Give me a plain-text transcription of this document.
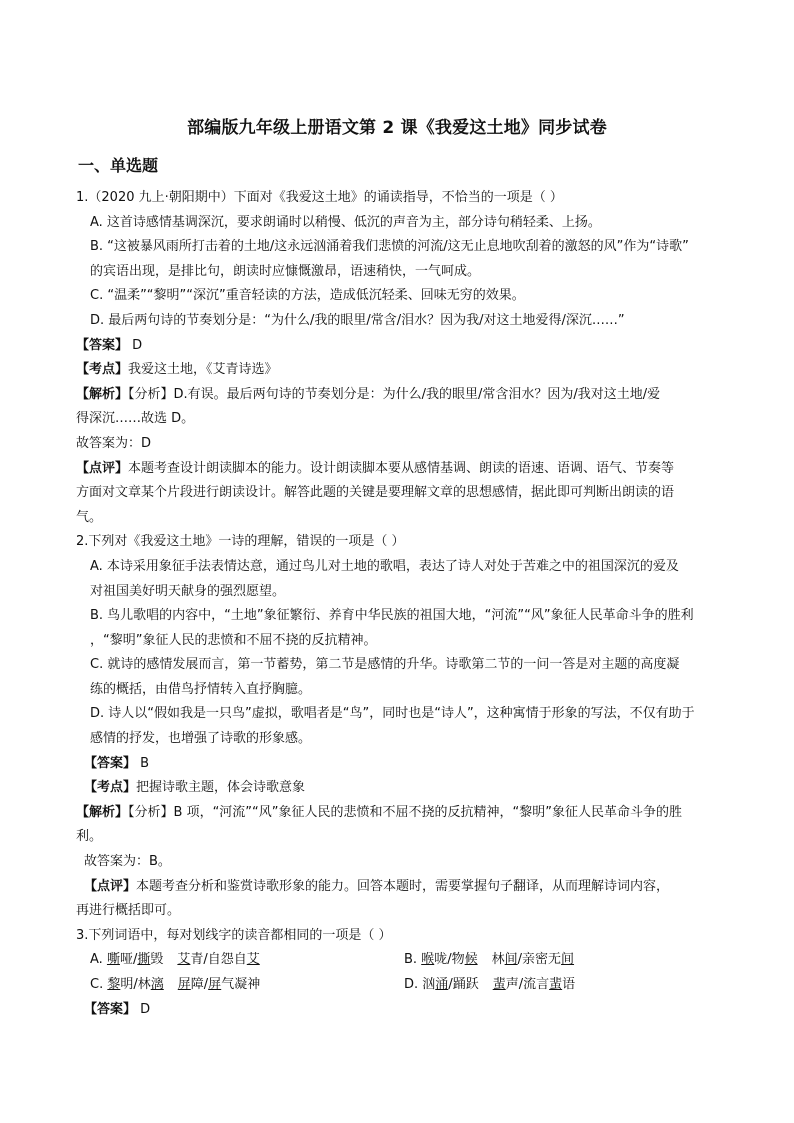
部编版九年级上册语文第 2 课《我爱这土地》同步试卷
一、单选题
1.（2020 九上·朝阳期中）下面对《我爱这土地》的诵读指导，不恰当的一项是（ ）
A. 这首诗感情基调深沉，要求朗诵时以稍慢、低沉的声音为主，部分诗句稍轻柔、上扬。
B. “这被暴风雨所打击着的土地/这永远汹涌着我们悲愤的河流/这无止息地吹刮着的激怒的风”作为“诗歌”
的宾语出现，是排比句，朗读时应慷慨激昂，语速稍快，一气呵成。
C. “温柔”“黎明”“深沉”重音轻读的方法，造成低沉轻柔、回味无穷的效果。
D. 最后两句诗的节奏划分是：“为什么/我的眼里/常含/泪水？因为我/对这土地爱得/深沉……”
【答案】 D
【考点】我爱这土地，《艾青诗选》
【解析】【分析】D.有误。最后两句诗的节奏划分是：为什么/我的眼里/常含泪水？因为/我对这土地/爱
得深沉……故选 D。
故答案为：D
【点评】本题考查设计朗读脚本的能力。设计朗读脚本要从感情基调、朗读的语速、语调、语气、节奏等
方面对文章某个片段进行朗读设计。解答此题的关键是要理解文章的思想感情，据此即可判断出朗读的语
气。
2.下列对《我爱这土地》一诗的理解，错误的一项是（ ）
A. 本诗采用象征手法表情达意，通过鸟儿对土地的歌唱，表达了诗人对处于苦难之中的祖国深沉的爱及
对祖国美好明天献身的强烈愿望。
B. 鸟儿歌唱的内容中，“土地”象征繁衍、养育中华民族的祖国大地，“河流”“风”象征人民革命斗争的胜利
，“黎明”象征人民的悲愤和不屈不挠的反抗精神。
C. 就诗的感情发展而言，第一节蓄势，第二节是感情的升华。诗歌第二节的一问一答是对主题的高度凝
练的概括，由借鸟抒情转入直抒胸臆。
D. 诗人以“假如我是一只鸟”虚拟，歌唱者是“鸟”，同时也是“诗人”，这种寓情于形象的写法，不仅有助于
感情的抒发，也增强了诗歌的形象感。
【答案】 B
【考点】把握诗歌主题，体会诗歌意象
【解析】【分析】B 项，“河流”“风”象征人民的悲愤和不屈不挠的反抗精神，“黎明”象征人民革命斗争的胜
利。
故答案为：B。
【点评】本题考查分析和鉴赏诗歌形象的能力。回答本题时，需要掌握句子翻译，从而理解诗词内容，
再进行概括即可。
3.下列词语中，每对划线字的读音都相同的一项是（ ）
A. 嘶哑/撕毁 艾青/自怨自艾	B. 喉咙/物候 林间/亲密无间
C. 黎明/林漓 屏障/屏气凝神	D. 汹涌/踊跃 蜚声/流言蜚语
【答案】 D
